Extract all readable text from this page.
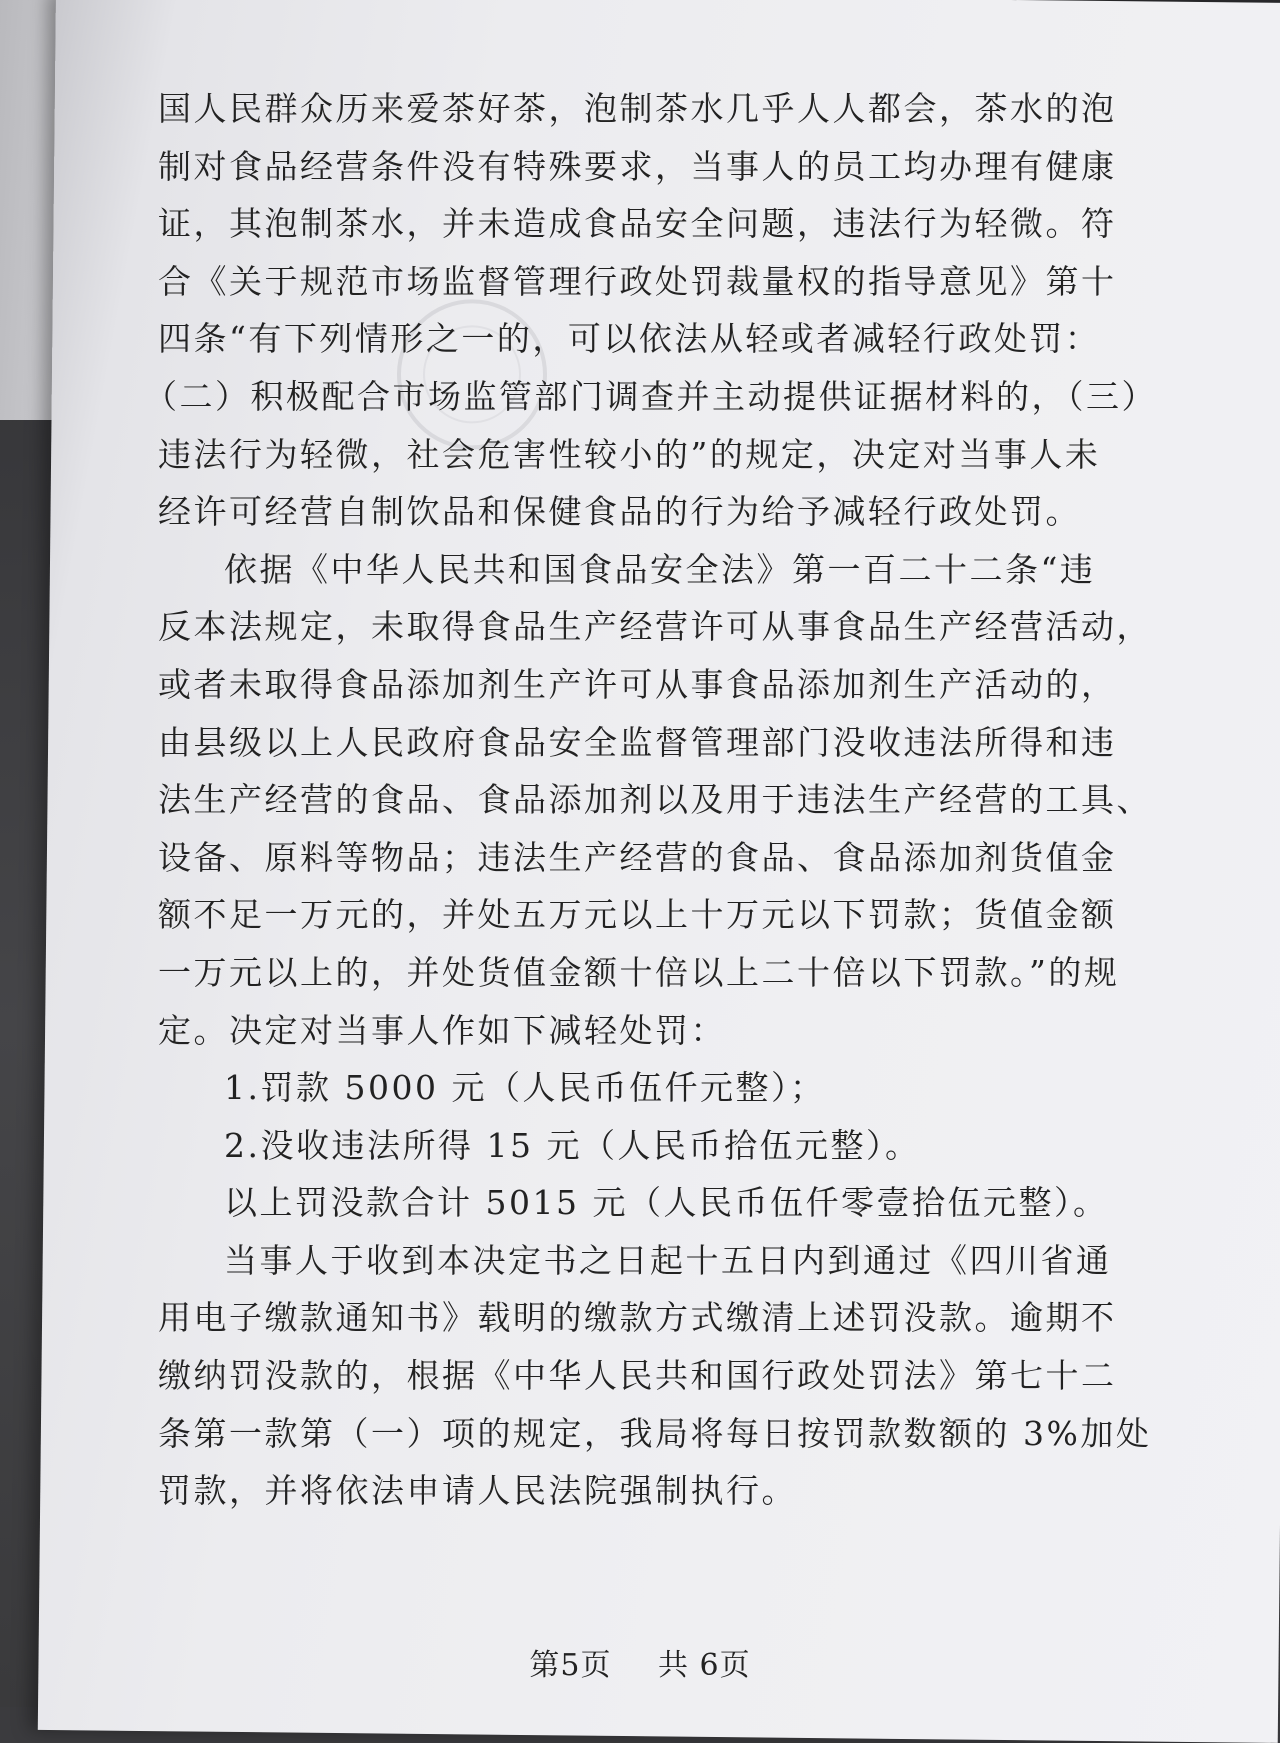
国人民群众历来爱茶好茶，泡制茶水几乎人人都会，茶水的泡
制对食品经营条件没有特殊要求，当事人的员工均办理有健康
证，其泡制茶水，并未造成食品安全问题，违法行为轻微。符
合《关于规范市场监督管理行政处罚裁量权的指导意见》第十
四条“有下列情形之一的，可以依法从轻或者减轻行政处罚：
（二）积极配合市场监管部门调查并主动提供证据材料的，（三）
违法行为轻微，社会危害性较小的”的规定，决定对当事人未
经许可经营自制饮品和保健食品的行为给予减轻行政处罚。

依据《中华人民共和国食品安全法》第一百二十二条“违
反本法规定，未取得食品生产经营许可从事食品生产经营活动，
或者未取得食品添加剂生产许可从事食品添加剂生产活动的，
由县级以上人民政府食品安全监督管理部门没收违法所得和违
法生产经营的食品、食品添加剂以及用于违法生产经营的工具、
设备、原料等物品；违法生产经营的食品、食品添加剂货值金
额不足一万元的，并处五万元以上十万元以下罚款；货值金额
一万元以上的，并处货值金额十倍以上二十倍以下罚款。”的规
定。决定对当事人作如下减轻处罚：

1.罚款 5000 元（人民币伍仟元整）；

2.没收违法所得 15 元（人民币拾伍元整）。

以上罚没款合计 5015 元（人民币伍仟零壹拾伍元整）。

当事人于收到本决定书之日起十五日内到通过《四川省通
用电子缴款通知书》载明的缴款方式缴清上述罚没款。逾期不
缴纳罚没款的，根据《中华人民共和国行政处罚法》第七十二
条第一款第（一）项的规定，我局将每日按罚款数额的 3%加处
罚款，并将依法申请人民法院强制执行。

第5页 共 6页
